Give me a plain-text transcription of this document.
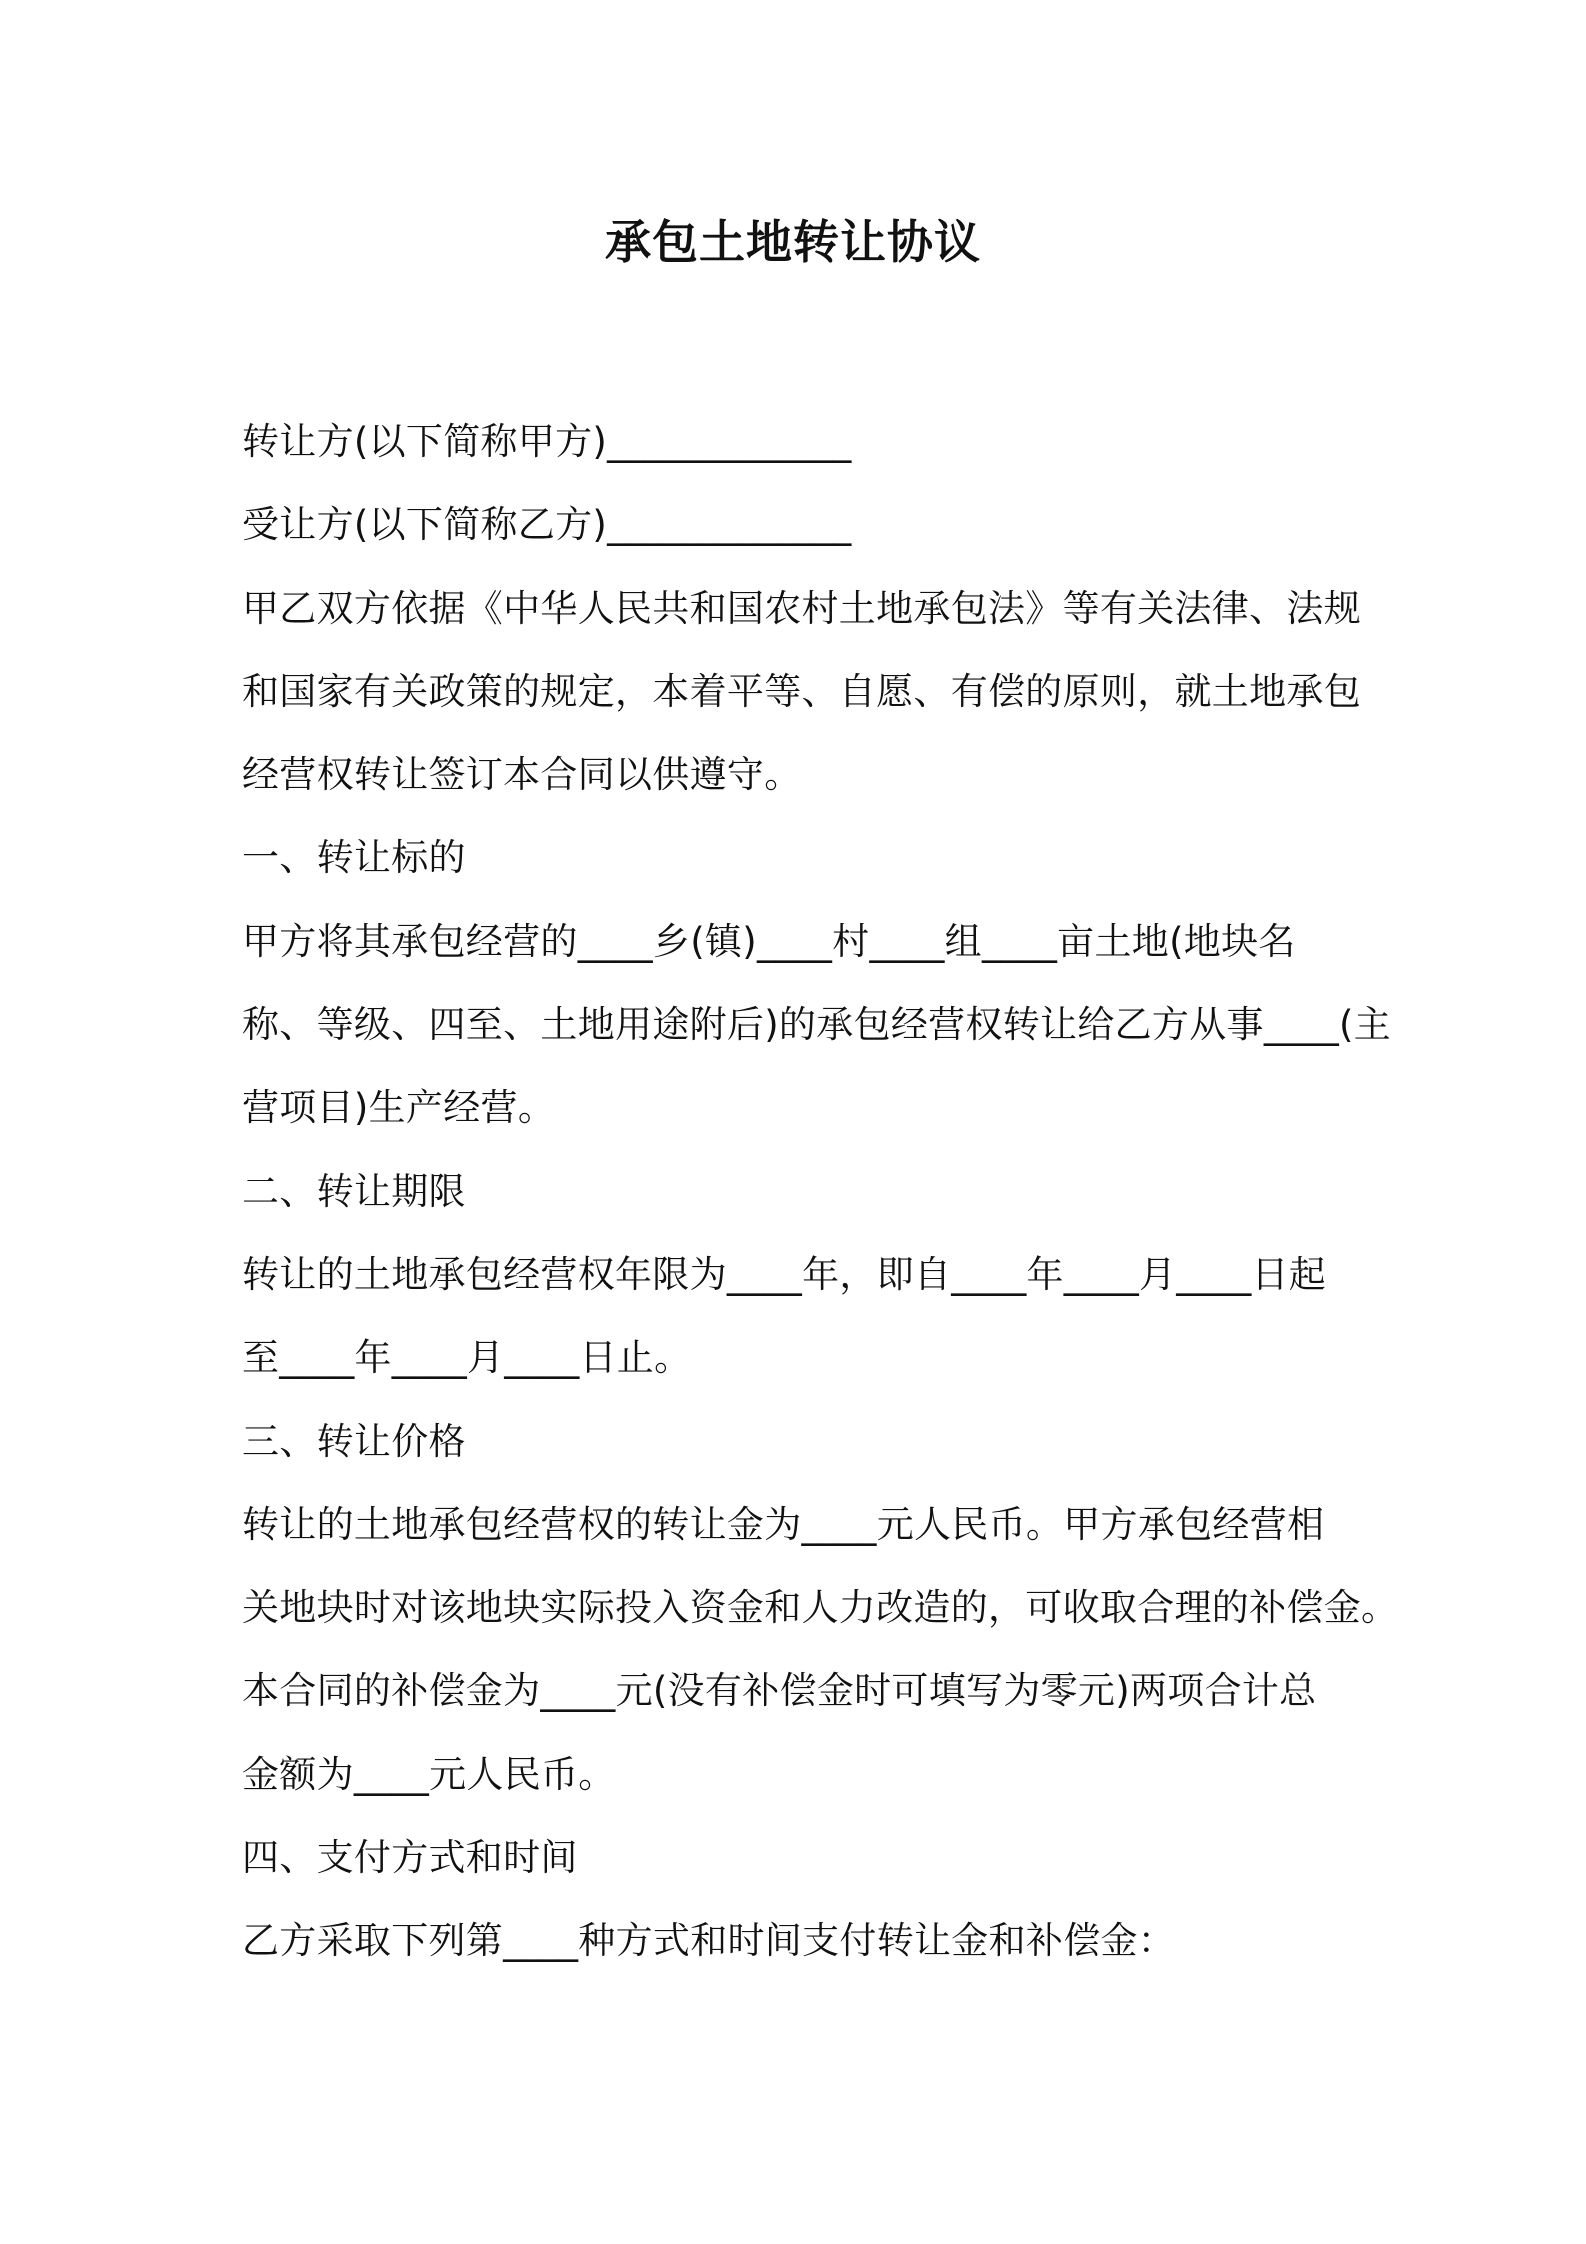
承包土地转让协议
转让方(以下简称甲方)_____________
受让方(以下简称乙方)_____________
甲乙双方依据《中华人民共和国农村土地承包法》等有关法律、法规
和国家有关政策的规定，本着平等、自愿、有偿的原则，就土地承包
经营权转让签订本合同以供遵守。
一、转让标的
甲方将其承包经营的____乡(镇)____村____组____亩土地(地块名
称、等级、四至、土地用途附后)的承包经营权转让给乙方从事____(主
营项目)生产经营。
二、转让期限
转让的土地承包经营权年限为____年，即自____年____月____日起
至____年____月____日止。
三、转让价格
转让的土地承包经营权的转让金为____元人民币。甲方承包经营相
关地块时对该地块实际投入资金和人力改造的，可收取合理的补偿金。
本合同的补偿金为____元(没有补偿金时可填写为零元)两项合计总
金额为____元人民币。
四、支付方式和时间
乙方采取下列第____种方式和时间支付转让金和补偿金：
